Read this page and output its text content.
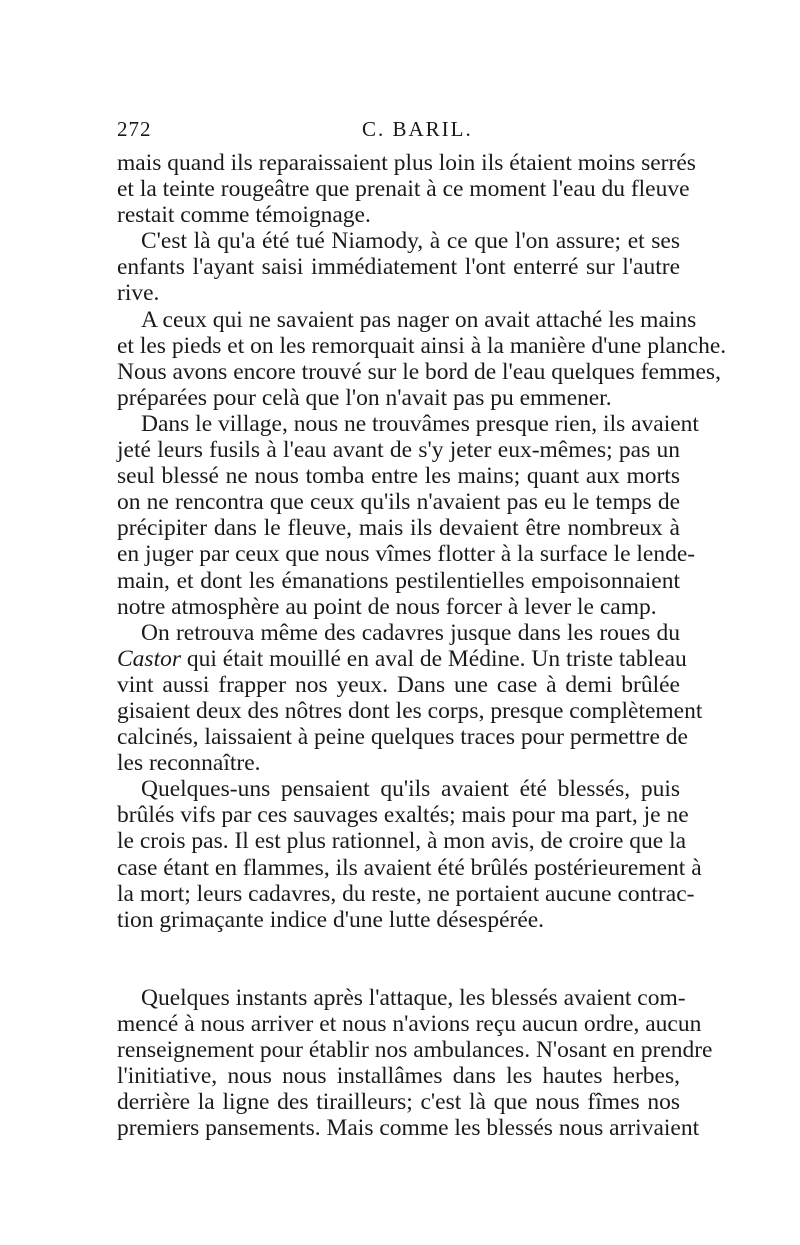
272	C. BARIL.
mais quand ils reparaissaient plus loin ils étaient moins serrés
et la teinte rougeâtre que prenait à ce moment l'eau du fleuve
restait comme témoignage.
C'est là qu'a été tué Niamody, à ce que l'on assure; et ses
enfants l'ayant saisi immédiatement l'ont enterré sur l'autre
rive.
A ceux qui ne savaient pas nager on avait attaché les mains
et les pieds et on les remorquait ainsi à la manière d'une planche.
Nous avons encore trouvé sur le bord de l'eau quelques femmes,
préparées pour celà que l'on n'avait pas pu emmener.
Dans le village, nous ne trouvâmes presque rien, ils avaient
jeté leurs fusils à l'eau avant de s'y jeter eux-mêmes; pas un
seul blessé ne nous tomba entre les mains; quant aux morts
on ne rencontra que ceux qu'ils n'avaient pas eu le temps de
précipiter dans le fleuve, mais ils devaient être nombreux à
en juger par ceux que nous vîmes flotter à la surface le lende-
main, et dont les émanations pestilentielles empoisonnaient
notre atmosphère au point de nous forcer à lever le camp.
On retrouva même des cadavres jusque dans les roues du
Castor qui était mouillé en aval de Médine. Un triste tableau
vint aussi frapper nos yeux. Dans une case à demi brûlée
gisaient deux des nôtres dont les corps, presque complètement
calcinés, laissaient à peine quelques traces pour permettre de
les reconnaître.
Quelques-uns pensaient qu'ils avaient été blessés, puis
brûlés vifs par ces sauvages exaltés; mais pour ma part, je ne
le crois pas. Il est plus rationnel, à mon avis, de croire que la
case étant en flammes, ils avaient été brûlés postérieurement à
la mort; leurs cadavres, du reste, ne portaient aucune contrac-
tion grimaçante indice d'une lutte désespérée.
Quelques instants après l'attaque, les blessés avaient com-
mencé à nous arriver et nous n'avions reçu aucun ordre, aucun
renseignement pour établir nos ambulances. N'osant en prendre
l'initiative, nous nous installâmes dans les hautes herbes,
derrière la ligne des tirailleurs; c'est là que nous fîmes nos
premiers pansements. Mais comme les blessés nous arrivaient
